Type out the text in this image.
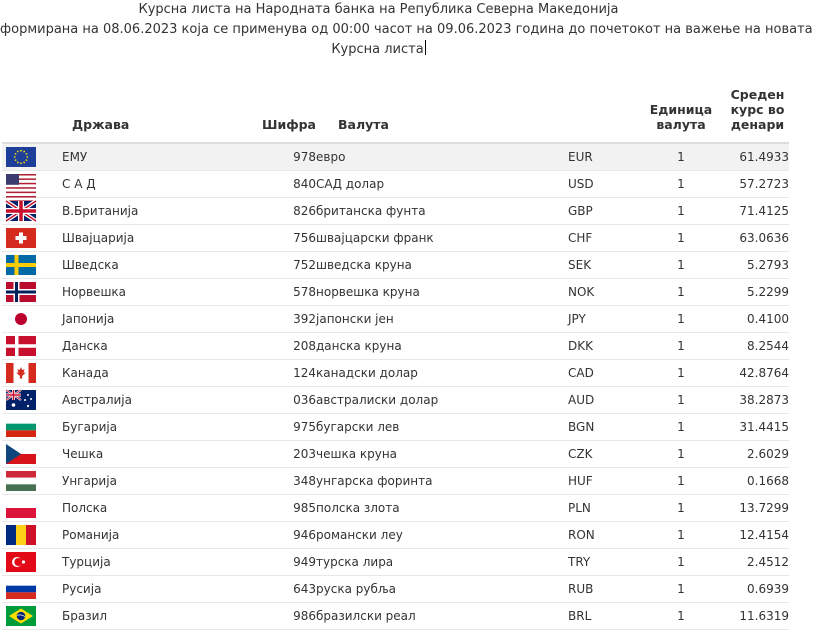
Курсна листа на Народната банка на Република Северна Македонија
формирана на 08.06.2023 која се применува од 00:00 часот на 09.06.2023 година до почетокот на важење на новата
Курсна листа
	Држава	Шифра	Валута		Единица валута	Среден курс во денари

	ЕМУ	978	евро	EUR	1	61.4933

	С А Д	840	САД долар	USD	1	57.2723

	В.Британија	826	британска фунта	GBP	1	71.4125

	Швајцарија	756	швајцарски франк	CHF	1	63.0636

	Шведска	752	шведска круна	SEK	1	5.2793

	Норвешка	578	норвешка круна	NOK	1	5.2299

	Јапонија	392	јапонски јен	JPY	1	0.4100

	Данска	208	данска круна	DKK	1	8.2544

	Канада	124	канадски долар	CAD	1	42.8764

	Австралија	036	австралиски долар	AUD	1	38.2873

	Бугарија	975	бугарски лев	BGN	1	31.4415

	Чешка	203	чешка круна	CZK	1	2.6029

	Унгарија	348	унгарска форинта	HUF	1	0.1668

	Полска	985	полска злота	PLN	1	13.7299

	Романија	946	романски леу	RON	1	12.4154

	Турција	949	турска лира	TRY	1	2.4512

	Русија	643	руска рубља	RUB	1	0.6939

	Бразил	986	бразилски реал	BRL	1	11.6319
